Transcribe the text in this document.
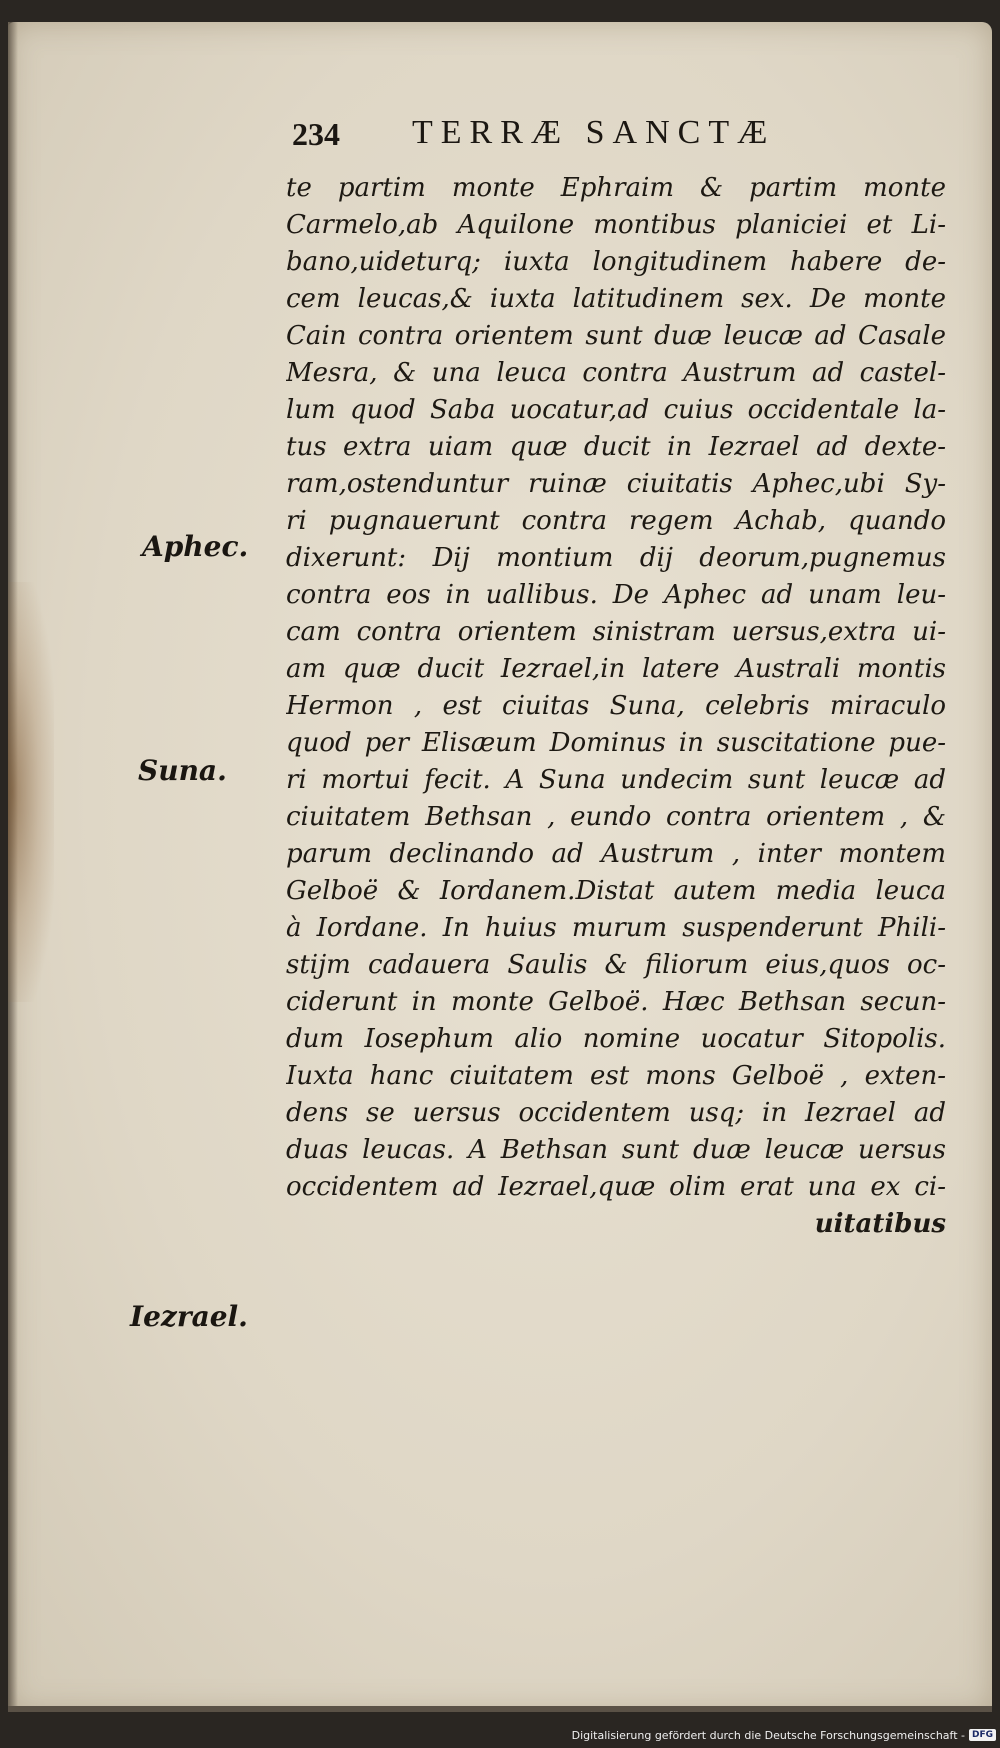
234 TERRÆ SANCTÆ
te partim monte Ephraim & partim monte
Carmelo,ab Aquilone montibus planiciei et Li-
bano,uideturq; iuxta longitudinem habere de-
cem leucas,& iuxta latitudinem sex. De monte
Cain contra orientem sunt duæ leucæ ad Casale
Mesra, & una leuca contra Austrum ad castel-
lum quod Saba uocatur,ad cuius occidentale la-
tus extra uiam quæ ducit in Iezrael ad dexte-
ram,ostenduntur ruinæ ciuitatis Aphec,ubi Sy-
ri pugnauerunt contra regem Achab, quando
dixerunt: Dij montium dij deorum,pugnemus
contra eos in uallibus. De Aphec ad unam leu-
cam contra orientem sinistram uersus,extra ui-
am quæ ducit Iezrael,in latere Australi montis
Hermon , est ciuitas Suna, celebris miraculo
quod per Elisæum Dominus in suscitatione pue-
ri mortui fecit. A Suna undecim sunt leucæ ad
ciuitatem Bethsan , eundo contra orientem , &
parum declinando ad Austrum , inter montem
Gelboë & Iordanem.Distat autem media leuca
à Iordane. In huius murum suspenderunt Phili-
stijm cadauera Saulis & filiorum eius,quos oc-
ciderunt in monte Gelboë. Hæc Bethsan secun-
dum Iosephum alio nomine uocatur Sitopolis.
Iuxta hanc ciuitatem est mons Gelboë , exten-
dens se uersus occidentem usq; in Iezrael ad
duas leucas. A Bethsan sunt duæ leucæ uersus
occidentem ad Iezrael,quæ olim erat una ex ci-
uitatibus
Aphec.
Suna.
Iezrael.
Digitalisierung gefördert durch die Deutsche Forschungsgemeinschaft - DFG
